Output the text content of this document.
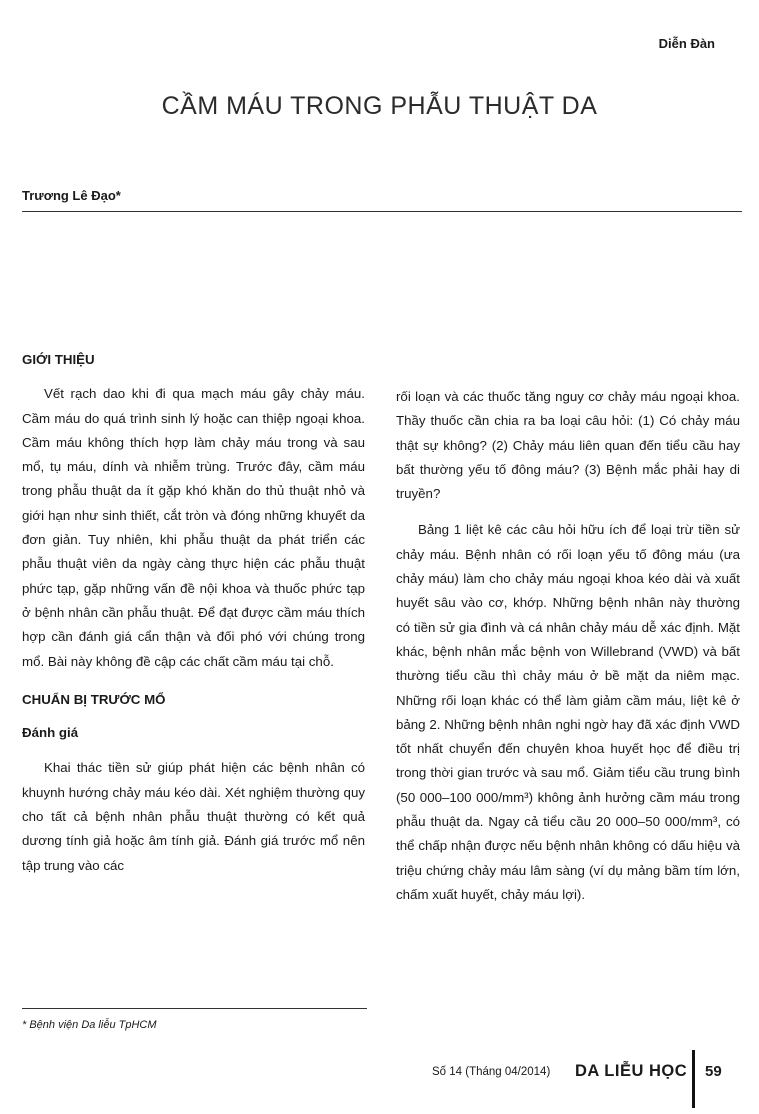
Diễn Đàn
CẦM MÁU TRONG PHẪU THUẬT DA
Trương Lê Đạo*
GIỚI THIỆU

Vết rạch dao khi đi qua mạch máu gây chảy máu. Cầm máu do quá trình sinh lý hoặc can thiệp ngoại khoa. Cầm máu không thích hợp làm chảy máu trong và sau mổ, tụ máu, dính và nhiễm trùng. Trước đây, cầm máu trong phẫu thuật da ít gặp khó khăn do thủ thuật nhỏ và giới hạn như sinh thiết, cắt tròn và đóng những khuyết da đơn giản. Tuy nhiên, khi phẫu thuật da phát triển các phẫu thuật viên da ngày càng thực hiện các phẫu thuật phức tạp, gặp những vấn đề nội khoa và thuốc phức tạp ở bệnh nhân cần phẫu thuật. Để đạt được cầm máu thích hợp cần đánh giá cẩn thận và đối phó với chúng trong mổ. Bài này không đề cập các chất cầm máu tại chỗ.

CHUẨN BỊ TRƯỚC MỔ
Đánh giá

Khai thác tiền sử giúp phát hiện các bệnh nhân có khuynh hướng chảy máu kéo dài. Xét nghiệm thường quy cho tất cả bệnh nhân phẫu thuật thường có kết quả dương tính giả hoặc âm tính giả. Đánh giá trước mổ nên tập trung vào các

rối loạn và các thuốc tăng nguy cơ chảy máu ngoại khoa. Thầy thuốc cần chia ra ba loại câu hỏi: (1) Có chảy máu thật sự không? (2) Chảy máu liên quan đến tiểu cầu hay bất thường yếu tố đông máu? (3) Bệnh mắc phải hay di truyền?

Bảng 1 liệt kê các câu hỏi hữu ích để loại trừ tiền sử chảy máu. Bệnh nhân có rối loạn yếu tố đông máu (ưa chảy máu) làm cho chảy máu ngoại khoa kéo dài và xuất huyết sâu vào cơ, khớp. Những bệnh nhân này thường có tiền sử gia đình và cá nhân chảy máu dễ xác định. Mặt khác, bệnh nhân mắc bệnh von Willebrand (VWD) và bất thường tiểu cầu thì chảy máu ở bề mặt da niêm mạc. Những rối loạn khác có thể làm giảm cầm máu, liệt kê ở bảng 2. Những bệnh nhân nghi ngờ hay đã xác định VWD tốt nhất chuyển đến chuyên khoa huyết học để điều trị trong thời gian trước và sau mổ. Giảm tiểu cầu trung bình (50 000–100 000/mm³) không ảnh hưởng cầm máu trong phẫu thuật da. Ngay cả tiểu cầu 20 000–50 000/mm³, có thể chấp nhận được nếu bệnh nhân không có dấu hiệu và triệu chứng chảy máu lâm sàng (ví dụ mảng bầm tím lớn, chấm xuất huyết, chảy máu lợi).

* Bệnh viện Da liễu TpHCM
Số 14 (Tháng 04/2014) DA LIỄU HỌC 59
